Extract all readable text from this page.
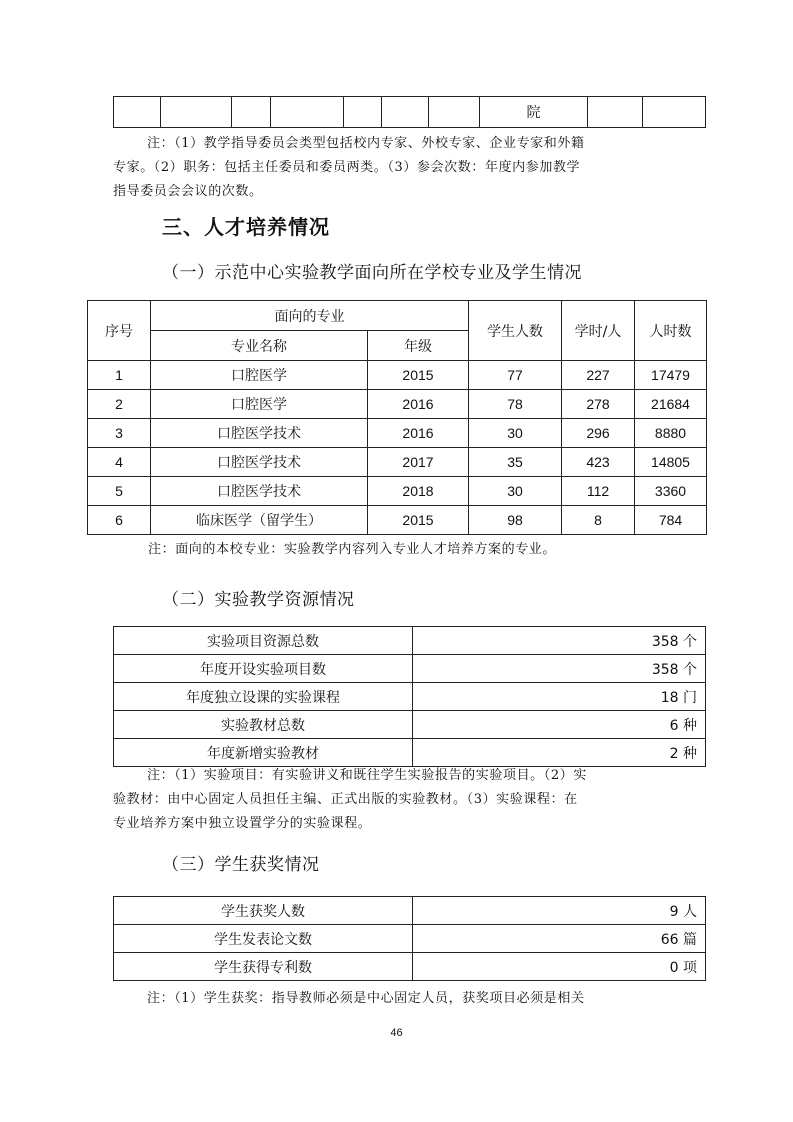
							院		
注：（1）教学指导委员会类型包括校内专家、外校专家、企业专家和外籍
专家。（2）职务：包括主任委员和委员两类。（3）参会次数：年度内参加教学
指导委员会会议的次数。
三、人才培养情况
（一）示范中心实验教学面向所在学校专业及学生情况
序号	面向的专业		学生人数	学时/人	人时数
	专业名称	年级			
1	口腔医学	2015	77	227	17479
2	口腔医学	2016	78	278	21684
3	口腔医学技术	2016	30	296	8880
4	口腔医学技术	2017	35	423	14805
5	口腔医学技术	2018	30	112	3360
6	临床医学（留学生）	2015	98	8	784
注：面向的本校专业：实验教学内容列入专业人才培养方案的专业。
（二）实验教学资源情况
实验项目资源总数	358 个
年度开设实验项目数	358 个
年度独立设课的实验课程	18 门
实验教材总数	6 种
年度新增实验教材	2 种
注：（1）实验项目：有实验讲义和既往学生实验报告的实验项目。（2）实
验教材：由中心固定人员担任主编、正式出版的实验教材。（3）实验课程：在
专业培养方案中独立设置学分的实验课程。
（三）学生获奖情况
学生获奖人数	9 人
学生发表论文数	66 篇
学生获得专利数	0 项
注：（1）学生获奖：指导教师必须是中心固定人员，获奖项目必须是相关
46
